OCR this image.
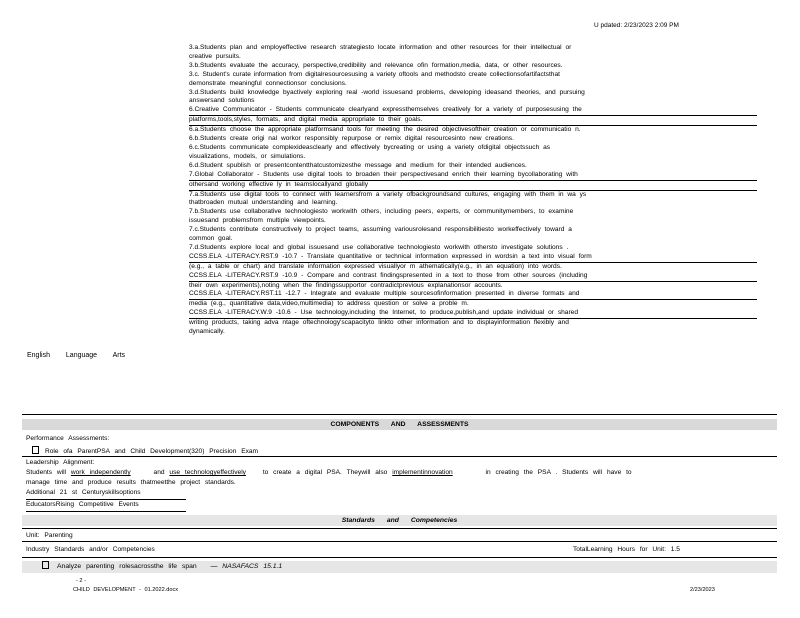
U pdated: 2/23/2023 2:09 PM
3.a.Students plan and employeffective research strategiesto locate information and other resources for their intellectual or
creative pursuits.
3.b.Students evaluate the accuracy, perspective,credibility and relevance ofin formation,media, data, or other resources.
3.c. Student's curate information from digitalresourcesusing a variety oftools and methodsto create collectionsofartifactsthat
demonstrate meaningful connectionsor conclusions.
3.d.Students build knowledge byactively exploring real -world issuesand problems, developing ideasand theories, and pursuing
answersand solutions
6.Creative Communicator - Students communicate clearlyand expressthemselves creatively for a variety of purposesusing the
platforms,tools,styles, formats, and digital media appropriate to their goals.
6.a.Students choose the appropriate platformsand tools for meeting the desired objectivesoftheir creation or communicatio n.
6.b.Students create origi nal workor responsibly repurpose or remix digital resourcesinto new creations.
6.c.Students communicate complexideasclearly and effectively bycreating or using a variety ofdigital objectssuch as
visualizations, models, or simulations.
6.d.Student spublish or presentcontentthatcustomizesthe message and medium for their intended audiences.
7.Global Collaborator - Students use digital tools to broaden their perspectivesand enrich their learning bycollaborating with
othersand working effective ly in teamslocallyand globally
7.a.Students use digital tools to connect with learnersfrom a variety ofbackgroundsand cultures, engaging with them in wa ys
thatbroaden mutual understanding and learning.
7.b.Students use collaborative technologiesto workwith others, including peers, experts, or communitymembers, to examine
issuesand problemsfrom multiple viewpoints.
7.c.Students contribute constructively to project teams, assuming variousrolesand responsibilitiesto workeffectively toward a
common goal.
7.d.Students explore local and global issuesand use collaborative technologiesto workwith othersto investigate solutions .
CCSS.ELA -LITERACY.RST.9 -10.7 - Translate quantitative or technical information expressed in wordsin a text into visual form
(e.g., a table or chart) and translate information expressed visuallyor m athematically(e.g., in an equation) into words.
CCSS.ELA -LITERACY.RST.9 -10.9 - Compare and contrast findingspresented in a text to those from other sources (including
their own experiments),noting when the findingssupportor contradictprevious explanationsor accounts.
CCSS.ELA -LITERACY.RST.11 -12.7 - Integrate and evaluate multiple sourcesofinformation presented in diverse formats and
media (e.g., quantitative data,video,multimedia) to address question or solve a proble m.
CCSS.ELA -LITERACY.W.9 -10.6 - Use technology,including the Internet, to produce,publish,and update individual or shared
writing products, taking adva ntage oftechnology'scapacityto linkto other information and to displayinformation flexibly and
dynamically.
English Language Arts
COMPONENTS AND ASSESSMENTS
Performance Assessments:
Role ofa ParentPSA and Child Development(320) Precision Exam
Leadership Alignment:
Students will work independently	and use technologyeffectively	to create a digital PSA. Theywill also implementinnovation	in creating the PSA . Students will have to
manage time and produce results thatmeetthe project standards.
Additional 21 st Centuryskillsoptions
EducatorsRising Competitive Events
Standards and Competencies
Unit: Parenting
Industry Standards and/or Competencies	TotalLearning Hours for Unit: 1.5
Analyze parenting rolesacrossthe life span — NASAFACS 15.1.1
- 2 -
CHILD DEVELOPMENT - 01.2022.docx	2/23/2023
